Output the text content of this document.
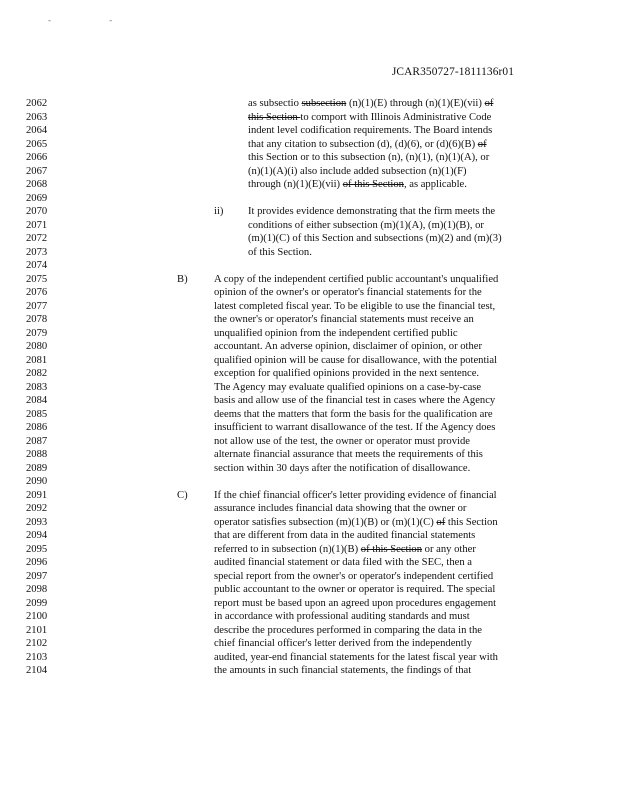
- -
JCAR350727-1811136r01
2062
2063
2064
2065
2066
2067
2068
2069
2070
2071
2072
2073
2074
2075
2076
2077
2078
2079
2080
2081
2082
2083
2084
2085
2086
2087
2088
2089
2090
2091
2092
2093
2094
2095
2096
2097
2098
2099
2100
2101
2102
2103
2104
as subsectio subsection (n)(1)(E) through (n)(1)(E)(vii) of
this Section to comport with Illinois Administrative Code
indent level codification requirements. The Board intends
that any citation to subsection (d), (d)(6), or (d)(6)(B) of
this Section or to this subsection (n), (n)(1), (n)(1)(A), or
(n)(1)(A)(i) also include added subsection (n)(1)(F)
through (n)(1)(E)(vii) of this Section, as applicable.
ii) It provides evidence demonstrating that the firm meets the
conditions of either subsection (m)(1)(A), (m)(1)(B), or
(m)(1)(C) of this Section and subsections (m)(2) and (m)(3)
of this Section.
B) A copy of the independent certified public accountant's unqualified
opinion of the owner's or operator's financial statements for the
latest completed fiscal year. To be eligible to use the financial test,
the owner's or operator's financial statements must receive an
unqualified opinion from the independent certified public
accountant. An adverse opinion, disclaimer of opinion, or other
qualified opinion will be cause for disallowance, with the potential
exception for qualified opinions provided in the next sentence.
The Agency may evaluate qualified opinions on a case-by-case
basis and allow use of the financial test in cases where the Agency
deems that the matters that form the basis for the qualification are
insufficient to warrant disallowance of the test. If the Agency does
not allow use of the test, the owner or operator must provide
alternate financial assurance that meets the requirements of this
section within 30 days after the notification of disallowance.
C) If the chief financial officer's letter providing evidence of financial
assurance includes financial data showing that the owner or
operator satisfies subsection (m)(1)(B) or (m)(1)(C) of this Section
that are different from data in the audited financial statements
referred to in subsection (n)(1)(B) of this Section or any other
audited financial statement or data filed with the SEC, then a
special report from the owner's or operator's independent certified
public accountant to the owner or operator is required. The special
report must be based upon an agreed upon procedures engagement
in accordance with professional auditing standards and must
describe the procedures performed in comparing the data in the
chief financial officer's letter derived from the independently
audited, year-end financial statements for the latest fiscal year with
the amounts in such financial statements, the findings of that
